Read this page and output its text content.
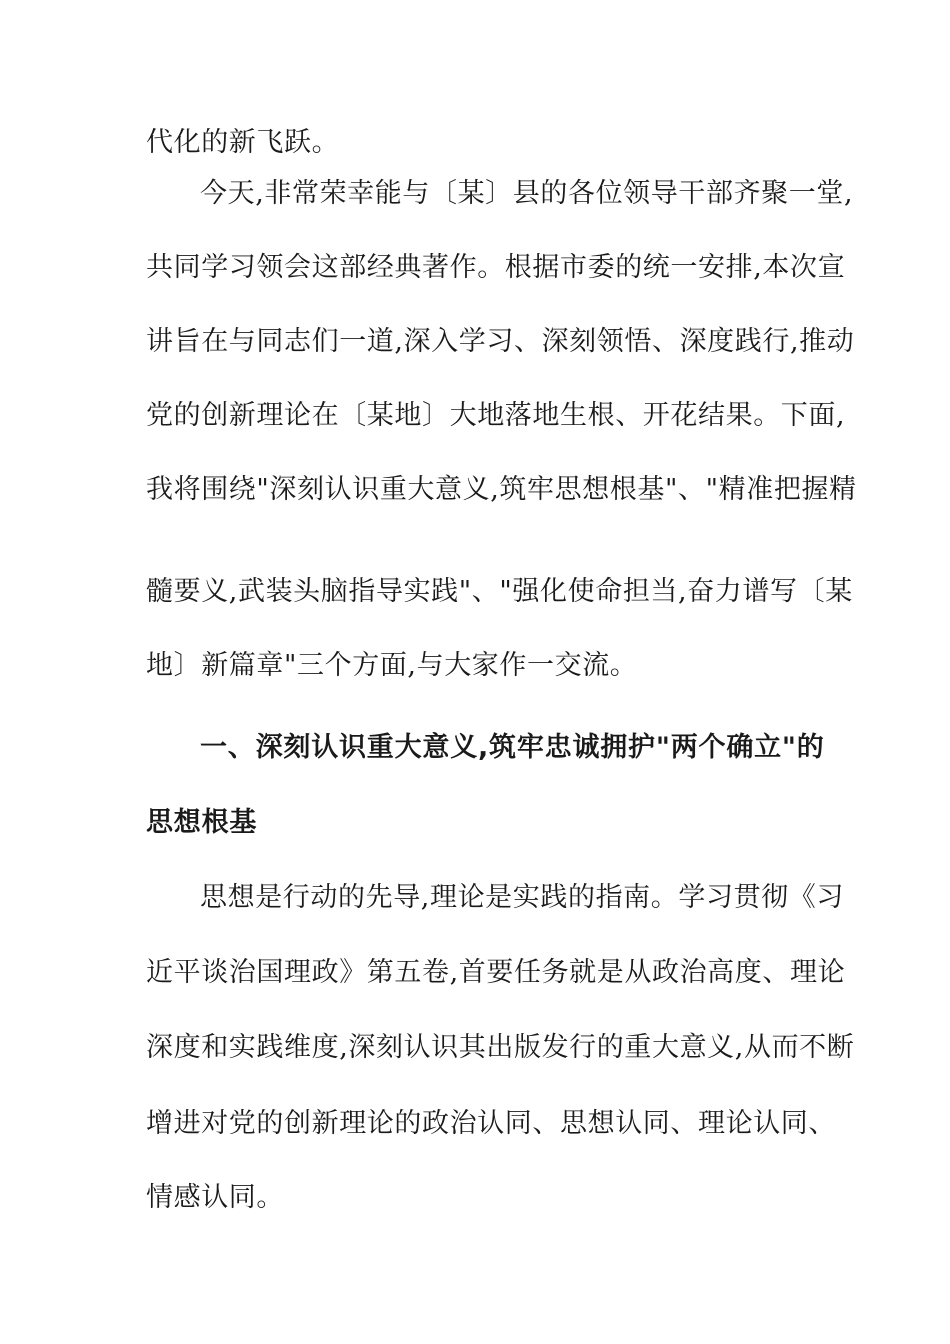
代化的新飞跃。

今天,非常荣幸能与〔某〕县的各位领导干部齐聚一堂,

共同学习领会这部经典著作。根据市委的统一安排,本次宣

讲旨在与同志们一道,深入学习、深刻领悟、深度践行,推动

党的创新理论在〔某地〕大地落地生根、开花结果。下面,

我将围绕"深刻认识重大意义,筑牢思想根基"、"精准把握精

髓要义,武装头脑指导实践"、"强化使命担当,奋力谱写〔某

地〕新篇章"三个方面,与大家作一交流。

一、深刻认识重大意义,筑牢忠诚拥护"两个确立"的

思想根基

思想是行动的先导,理论是实践的指南。学习贯彻《习

近平谈治国理政》第五卷,首要任务就是从政治高度、理论

深度和实践维度,深刻认识其出版发行的重大意义,从而不断

增进对党的创新理论的政治认同、思想认同、理论认同、

情感认同。
